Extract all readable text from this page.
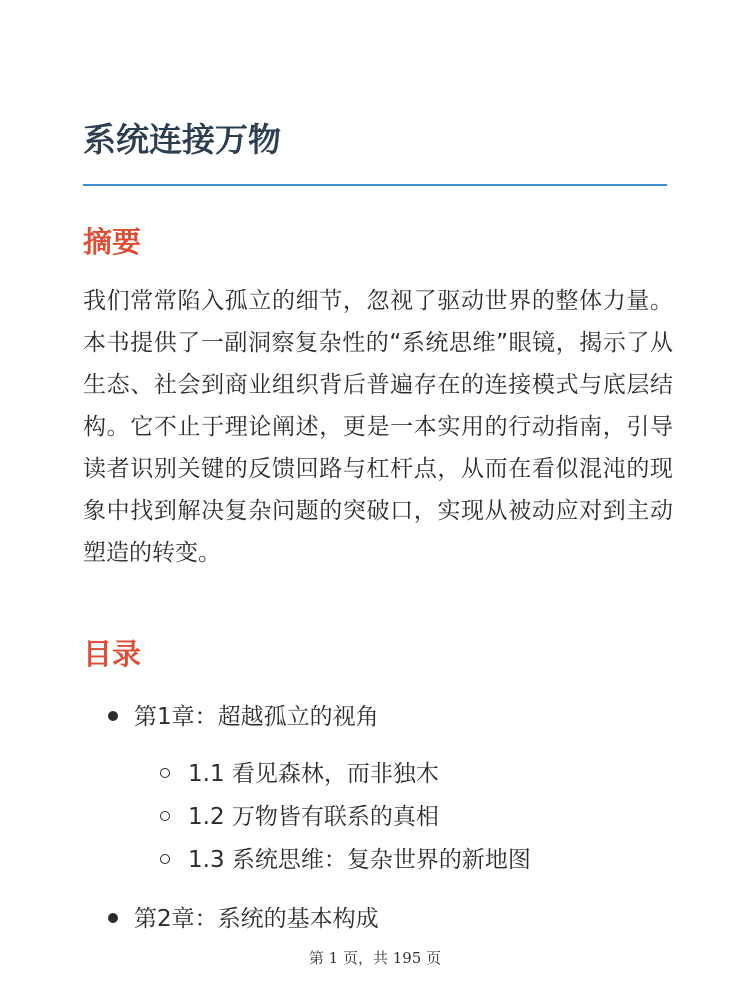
系统连接万物
摘要

我们常常陷入孤立的细节，忽视了驱动世界的整体力量。本书提供了一副洞察复杂性的“系统思维”眼镜，揭示了从生态、社会到商业组织背后普遍存在的连接模式与底层结构。它不止于理论阐述，更是一本实用的行动指南，引导读者识别关键的反馈回路与杠杆点，从而在看似混沌的现象中找到解决复杂问题的突破口，实现从被动应对到主动塑造的转变。

目录
第1章：超越孤立的视角
1.1 看见森林，而非独木
1.2 万物皆有联系的真相
1.3 系统思维：复杂世界的新地图
第2章：系统的基本构成
第 1 页，共 195 页
